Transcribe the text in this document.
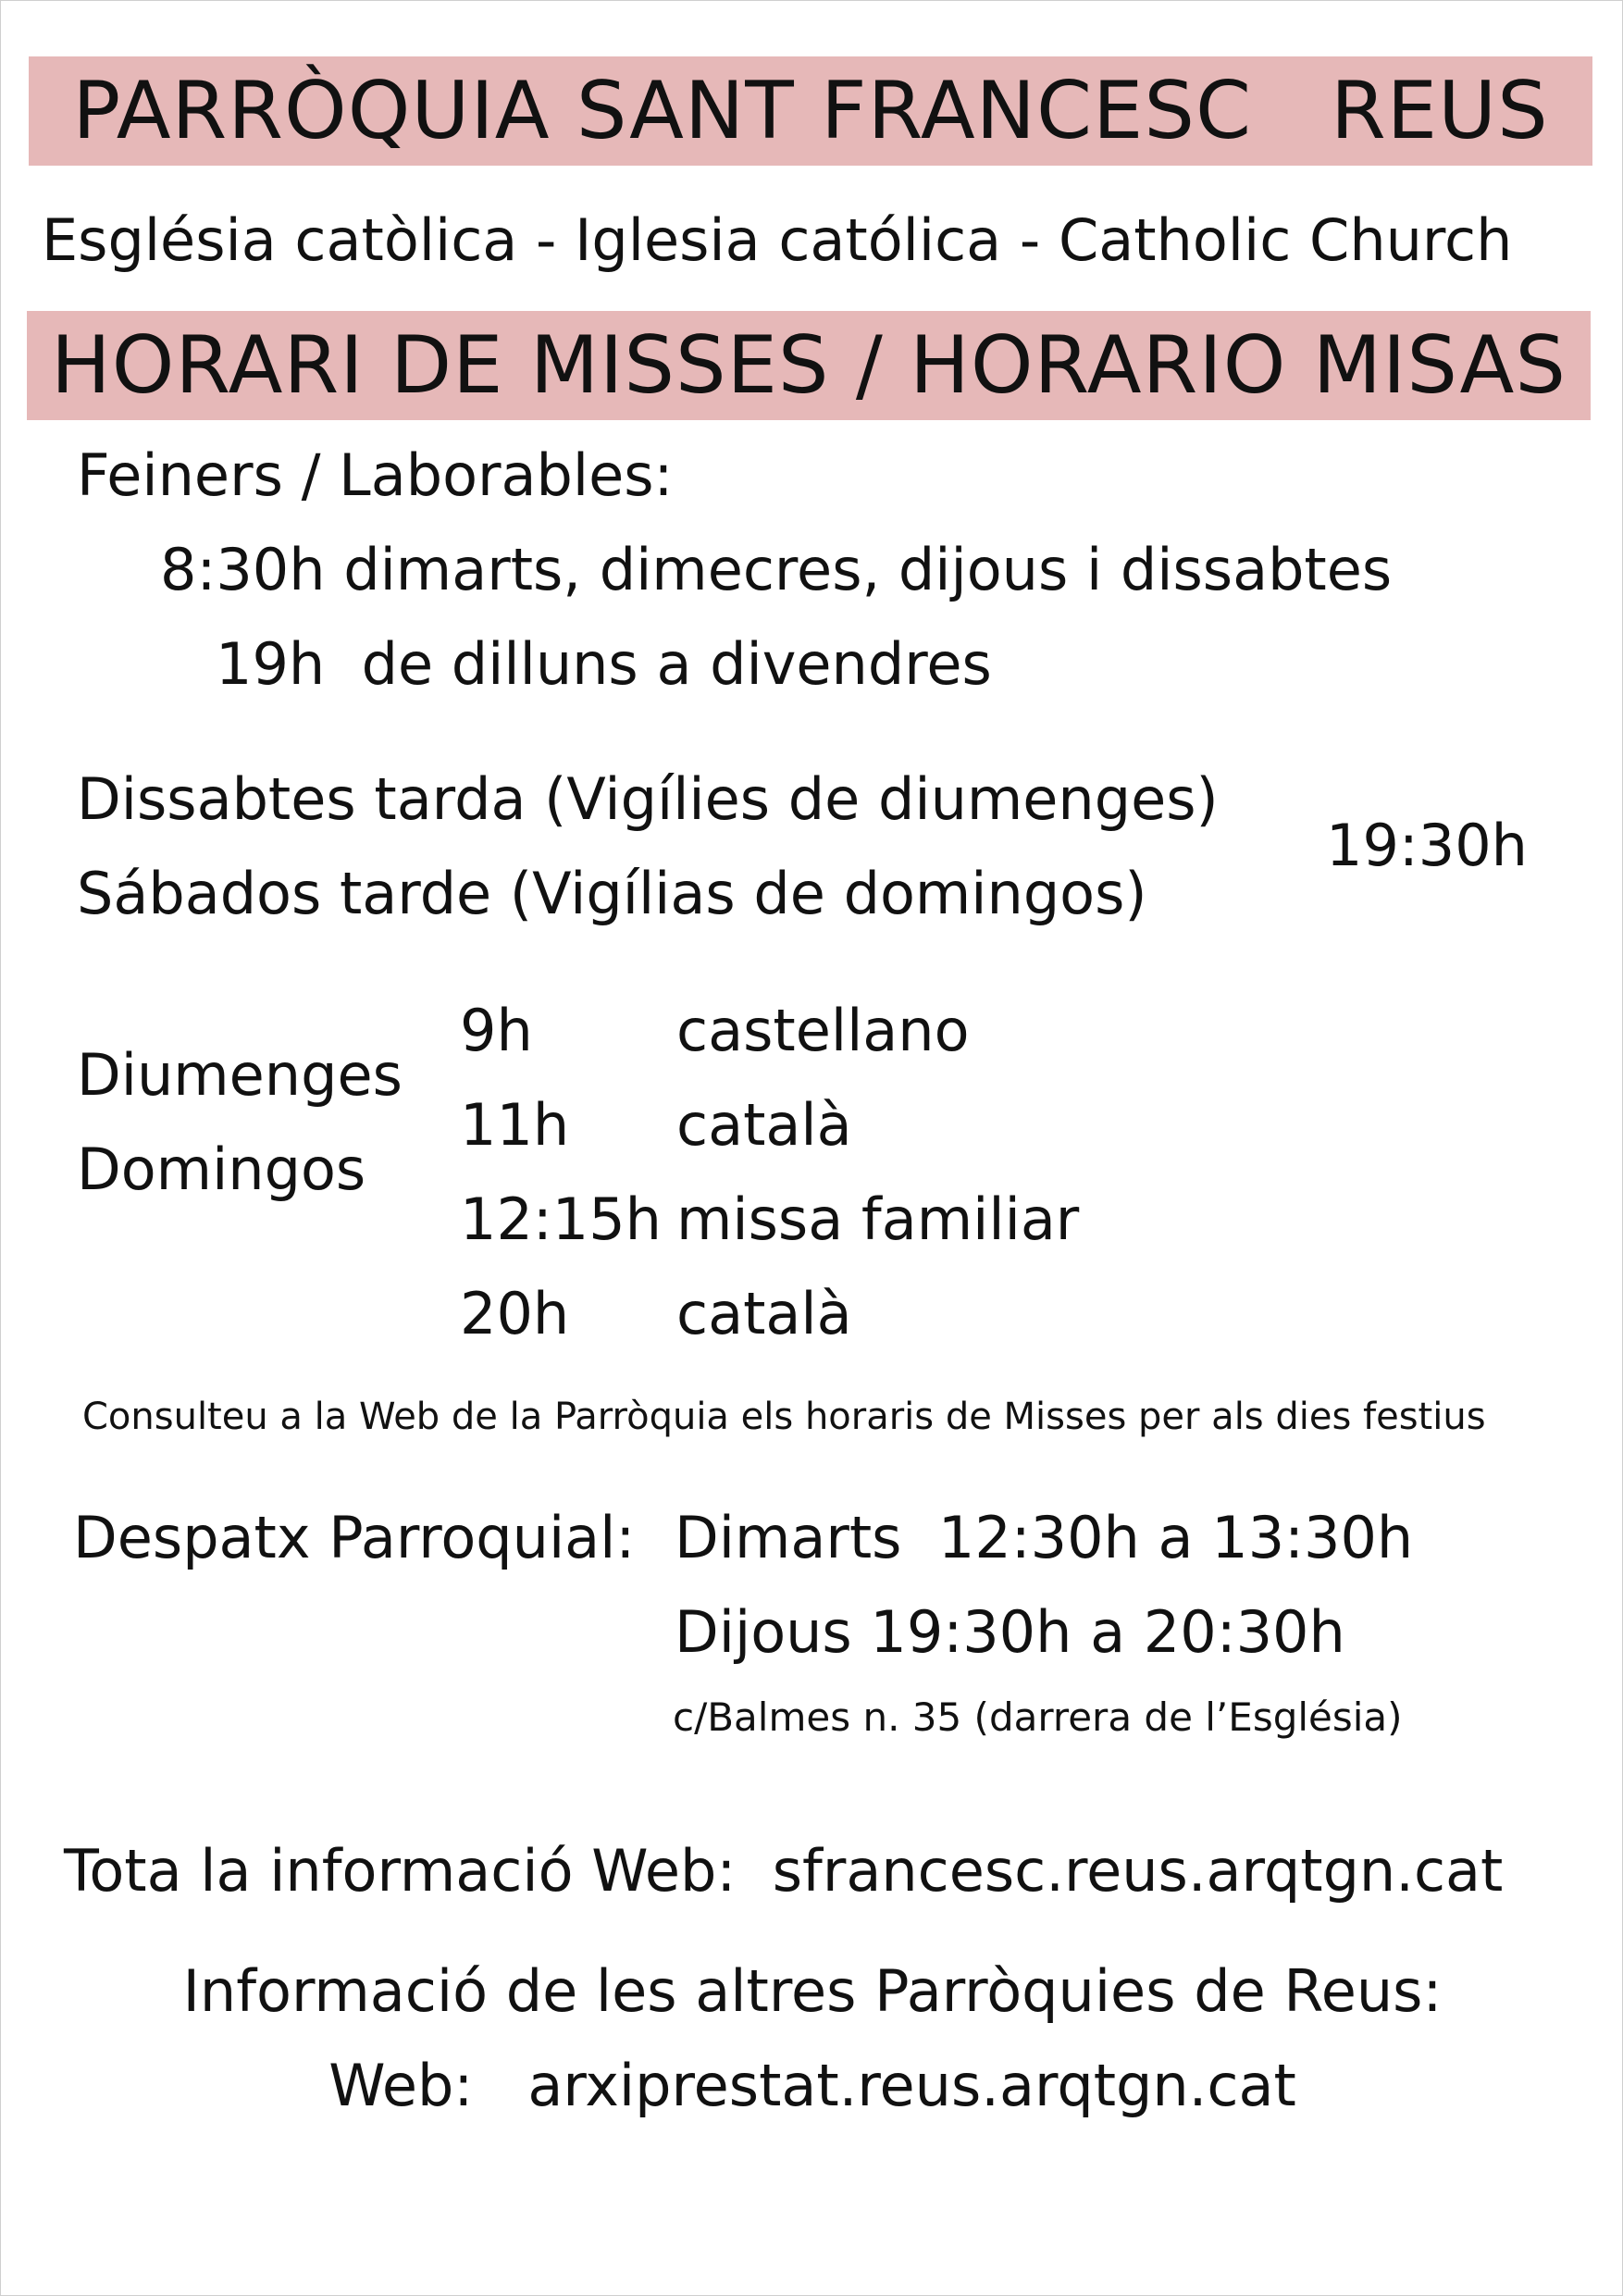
PARRÒQUIA SANT FRANCESC   REUS
Església catòlica - Iglesia católica - Catholic Church
HORARI DE MISSES / HORARIO MISAS
Feiners / Laborables:
8:30h dimarts, dimecres, dijous i dissabtes
19h  de dilluns a divendres
Dissabtes tarda (Vigílies de diumenges)
Sábados tarde (Vigílias de domingos)
19:30h
Diumenges
Domingos
9h	castellano
11h català
12:15h missa familiar
20h català
Consulteu a la Web de la Parròquia els horaris de Misses per als dies festius
Despatx Parroquial: Dimarts  12:30h a 13:30h
Dijous 19:30h a 20:30h
c/Balmes n. 35 (darrera de l’Església)
Tota la informació Web:  sfrancesc.reus.arqtgn.cat
Informació de les altres Parròquies de Reus:
Web:   arxiprestat.reus.arqtgn.cat
